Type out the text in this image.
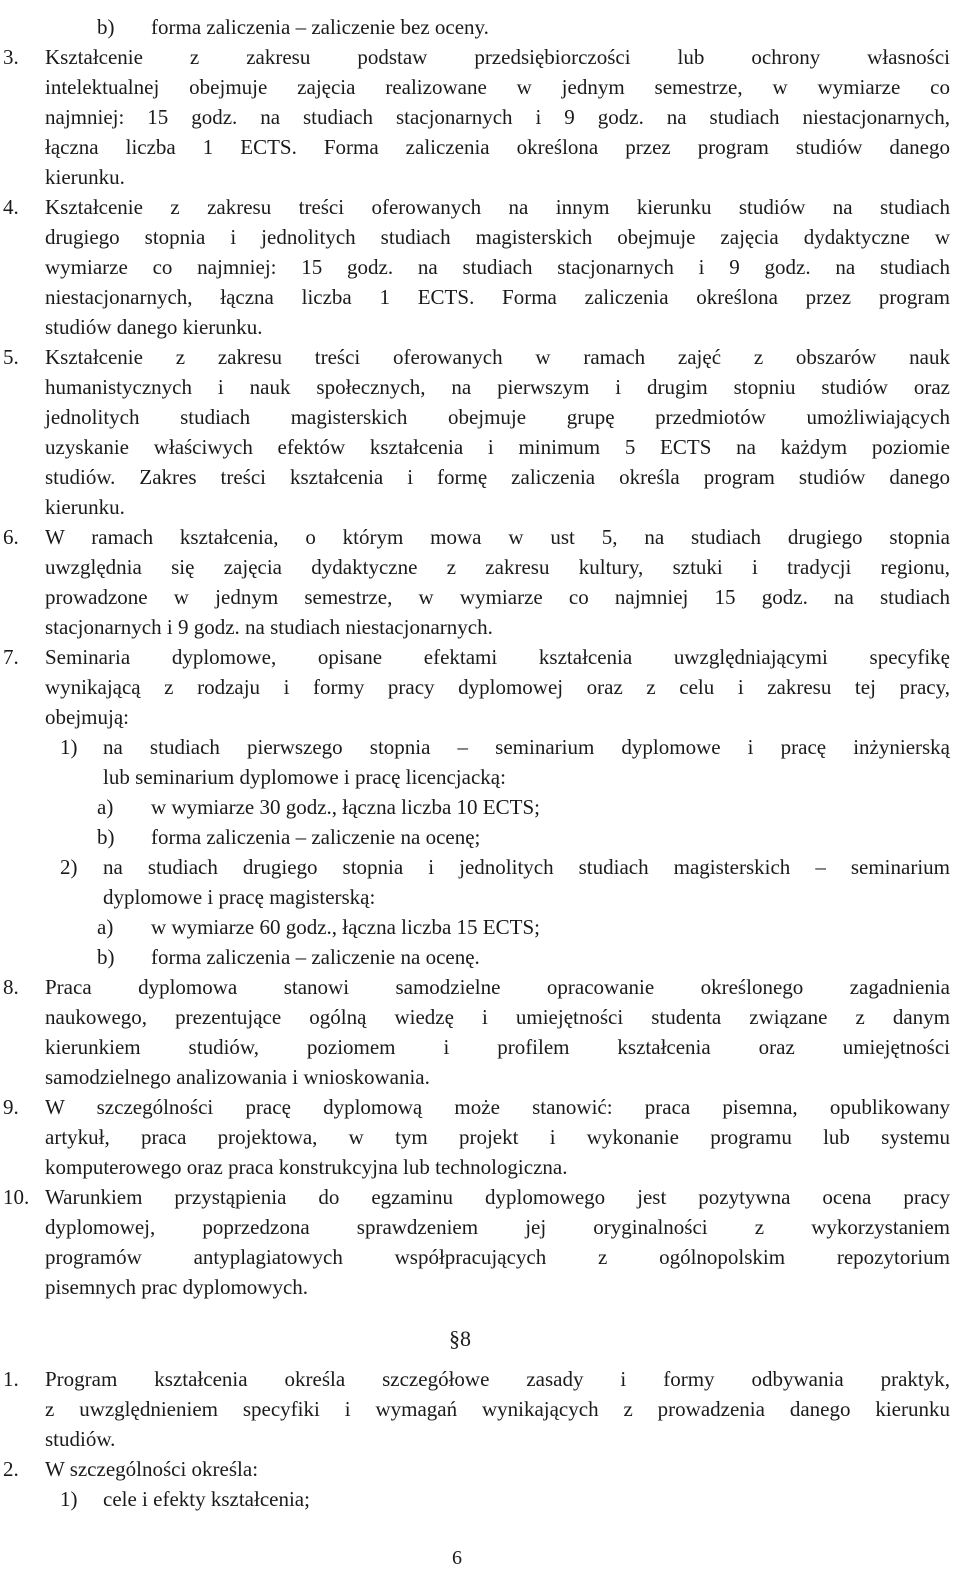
b) forma zaliczenia – zaliczenie bez oceny.
3. Kształcenie z zakresu podstaw przedsiębiorczości lub ochrony własności
intelektualnej obejmuje zajęcia realizowane w jednym semestrze, w wymiarze co
najmniej: 15 godz. na studiach stacjonarnych i 9 godz. na studiach niestacjonarnych,
łączna liczba 1 ECTS. Forma zaliczenia określona przez program studiów danego
kierunku.
4. Kształcenie z zakresu treści oferowanych na innym kierunku studiów na studiach
drugiego stopnia i jednolitych studiach magisterskich obejmuje zajęcia dydaktyczne w
wymiarze co najmniej: 15 godz. na studiach stacjonarnych i 9 godz. na studiach
niestacjonarnych, łączna liczba 1 ECTS. Forma zaliczenia określona przez program
studiów danego kierunku.
5. Kształcenie z zakresu treści oferowanych w ramach zajęć z obszarów nauk
humanistycznych i nauk społecznych, na pierwszym i drugim stopniu studiów oraz
jednolitych studiach magisterskich obejmuje grupę przedmiotów umożliwiających
uzyskanie właściwych efektów kształcenia i minimum 5 ECTS na każdym poziomie
studiów. Zakres treści kształcenia i formę zaliczenia określa program studiów danego
kierunku.
6. W ramach kształcenia, o którym mowa w ust 5, na studiach drugiego stopnia
uwzględnia się zajęcia dydaktyczne z zakresu kultury, sztuki i tradycji regionu,
prowadzone w jednym semestrze, w wymiarze co najmniej 15 godz. na studiach
stacjonarnych i 9 godz. na studiach niestacjonarnych.
7. Seminaria dyplomowe, opisane efektami kształcenia uwzględniającymi specyfikę
wynikającą z rodzaju i formy pracy dyplomowej oraz z celu i zakresu tej pracy,
obejmują:
1) na studiach pierwszego stopnia – seminarium dyplomowe i pracę inżynierską
lub seminarium dyplomowe i pracę licencjacką:
a) w wymiarze 30 godz., łączna liczba 10 ECTS;
b) forma zaliczenia – zaliczenie na ocenę;
2) na studiach drugiego stopnia i jednolitych studiach magisterskich – seminarium
dyplomowe i pracę magisterską:
a) w wymiarze 60 godz., łączna liczba 15 ECTS;
b) forma zaliczenia – zaliczenie na ocenę.
8. Praca dyplomowa stanowi samodzielne opracowanie określonego zagadnienia
naukowego, prezentujące ogólną wiedzę i umiejętności studenta związane z danym
kierunkiem studiów, poziomem i profilem kształcenia oraz umiejętności
samodzielnego analizowania i wnioskowania.
9. W szczególności pracę dyplomową może stanowić: praca pisemna, opublikowany
artykuł, praca projektowa, w tym projekt i wykonanie programu lub systemu
komputerowego oraz praca konstrukcyjna lub technologiczna.
10. Warunkiem przystąpienia do egzaminu dyplomowego jest pozytywna ocena pracy
dyplomowej, poprzedzona sprawdzeniem jej oryginalności z wykorzystaniem
programów antyplagiatowych współpracujących z ogólnopolskim repozytorium
pisemnych prac dyplomowych.
1. Program kształcenia określa szczegółowe zasady i formy odbywania praktyk,
z uwzględnieniem specyfiki i wymagań wynikających z prowadzenia danego kierunku
studiów.
2. W szczególności określa:
1) cele i efekty kształcenia;
§8
6
